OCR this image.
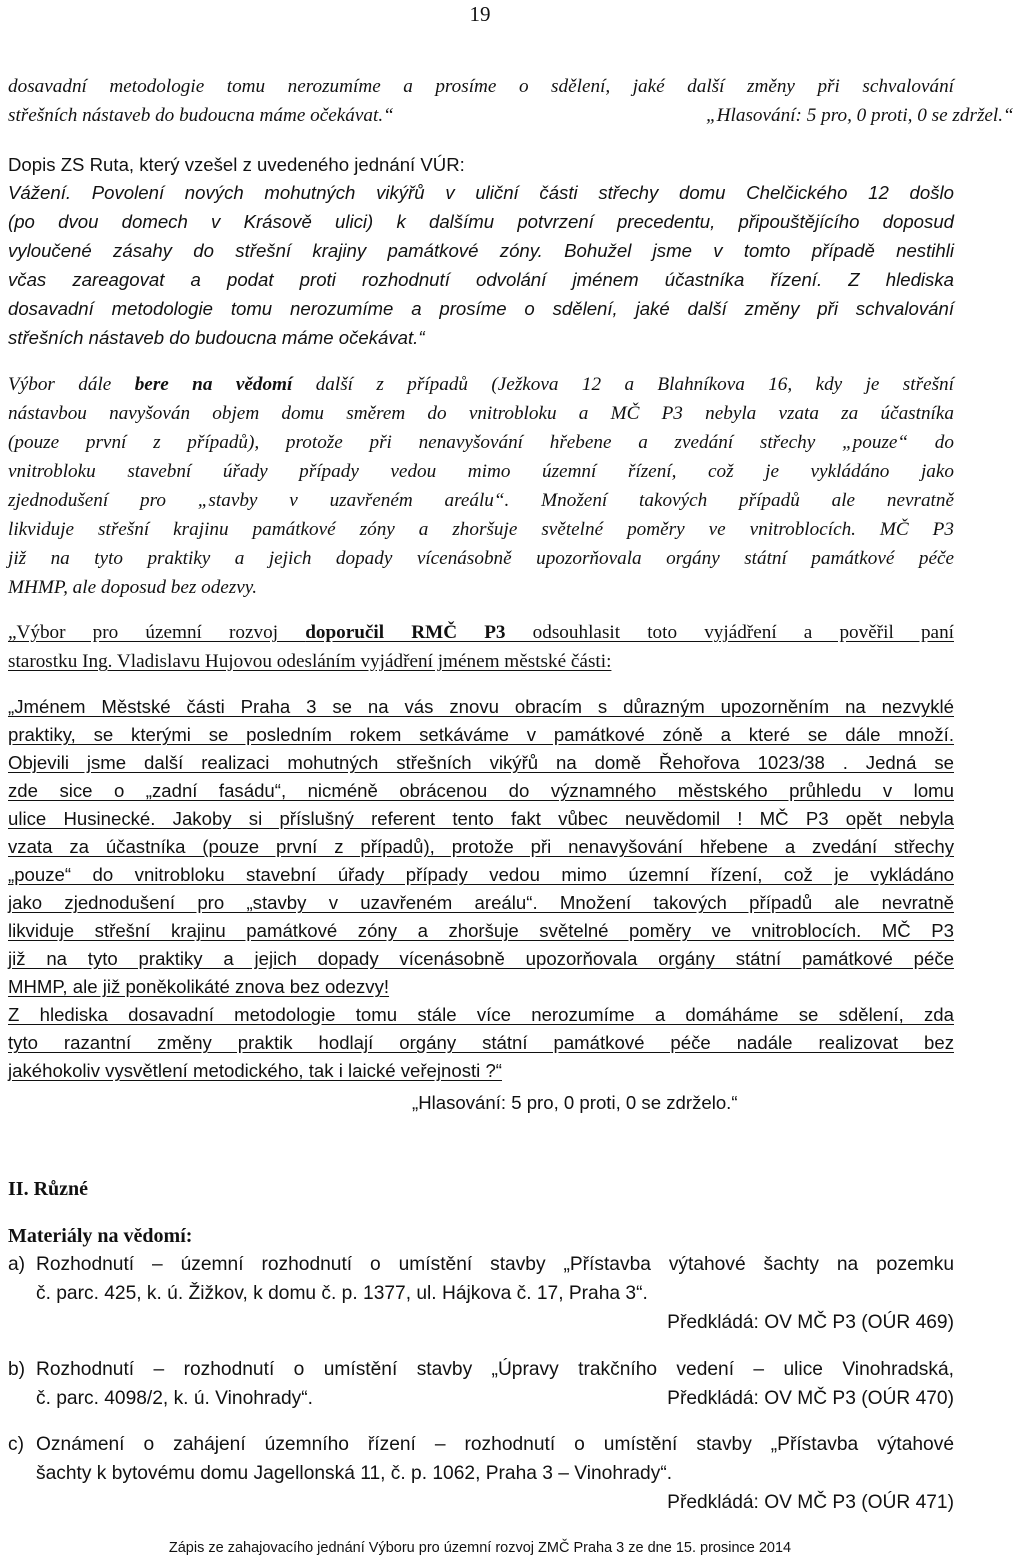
19
dosavadní metodologie tomu nerozumíme a prosíme o sdělení, jaké další změny při schvalování
střešních nástaveb do budoucna máme očekávat.“	„Hlasování: 5 pro, 0 proti, 0 se zdržel.“
Dopis ZS Ruta, který vzešel z uvedeného jednání VÚR:
Vážení. Povolení nových mohutných vikýřů v uliční části střechy domu Chelčického 12 došlo
(po dvou domech v Krásově ulici) k dalšímu potvrzení precedentu, připouštějícího doposud
vyloučené zásahy do střešní krajiny památkové zóny. Bohužel jsme v tomto případě nestihli
včas zareagovat a podat proti rozhodnutí odvolání jménem účastníka řízení. Z hlediska
dosavadní metodologie tomu nerozumíme a prosíme o sdělení, jaké další změny při schvalování
střešních nástaveb do budoucna máme očekávat.“
Výbor dále bere na vědomí další z případů (Ježkova 12 a Blahníkova 16, kdy je střešní
nástavbou navyšován objem domu směrem do vnitrobloku a MČ P3 nebyla vzata za účastníka
(pouze první z případů), protože při nenavyšování hřebene a zvedání střechy „pouze“ do
vnitrobloku stavební úřady případy vedou mimo územní řízení, což je vykládáno jako
zjednodušení pro „stavby v uzavřeném areálu“. Množení takových případů ale nevratně
likviduje střešní krajinu památkové zóny a zhoršuje světelné poměry ve vnitroblocích. MČ P3
již na tyto praktiky a jejich dopady vícenásobně upozorňovala orgány státní památkové péče
MHMP, ale doposud bez odezvy.
„Výbor pro územní rozvoj doporučil RMČ P3 odsouhlasit toto vyjádření a pověřil paní
starostku Ing. Vladislavu Hujovou odesláním vyjádření jménem městské části:
„Jménem Městské části Praha 3 se na vás znovu obracím s důrazným upozorněním na nezvyklé
praktiky, se kterými se posledním rokem setkáváme v památkové zóně a které se dále množí.
Objevili jsme další realizaci mohutných střešních vikýřů na domě Řehořova 1023/38 . Jedná se
zde sice o „zadní fasádu“, nicméně obrácenou do významného městského průhledu v lomu
ulice Husinecké. Jakoby si příslušný referent tento fakt vůbec neuvědomil ! MČ P3 opět nebyla
vzata za účastníka (pouze první z případů), protože při nenavyšování hřebene a zvedání střechy
„pouze“ do vnitrobloku stavební úřady případy vedou mimo územní řízení, což je vykládáno
jako zjednodušení pro „stavby v uzavřeném areálu“. Množení takových případů ale nevratně
likviduje střešní krajinu památkové zóny a zhoršuje světelné poměry ve vnitroblocích. MČ P3
již na tyto praktiky a jejich dopady vícenásobně upozorňovala orgány státní památkové péče
MHMP, ale již poněkolikáté znova bez odezvy!
Z hlediska dosavadní metodologie tomu stále více nerozumíme a domáháme se sdělení, zda
tyto razantní změny praktik hodlají orgány státní památkové péče nadále realizovat bez
jakéhokoliv vysvětlení metodického, tak i laické veřejnosti ?“
„Hlasování: 5 pro, 0 proti, 0 se zdrželo.“
II. Různé
Materiály na vědomí:
a) Rozhodnutí – územní rozhodnutí o umístění stavby „Přístavba výtahové šachty na pozemku
č. parc. 425, k. ú. Žižkov, k domu č. p. 1377, ul. Hájkova č. 17, Praha 3“.
Předkládá: OV MČ P3 (OÚR 469)
b) Rozhodnutí – rozhodnutí o umístění stavby „Úpravy trakčního vedení – ulice Vinohradská,
č. parc. 4098/2, k. ú. Vinohrady“.	Předkládá: OV MČ P3 (OÚR 470)
c) Oznámení o zahájení územního řízení – rozhodnutí o umístění stavby „Přístavba výtahové
šachty k bytovému domu Jagellonská 11, č. p. 1062, Praha 3 – Vinohrady“.
Předkládá: OV MČ P3 (OÚR 471)
Zápis ze zahajovacího jednání Výboru pro územní rozvoj ZMČ Praha 3 ze dne 15. prosince 2014
